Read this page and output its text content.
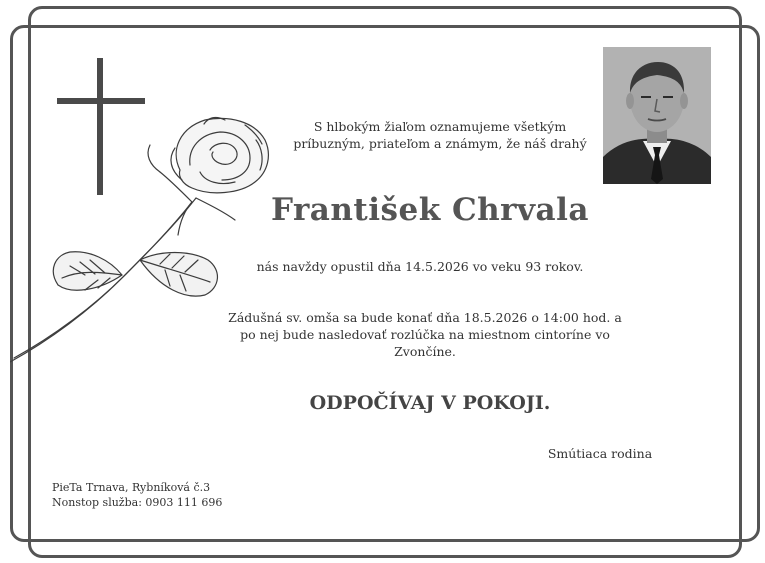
S hlbokým žiaľom oznamujeme všetkým
príbuzným, priateľom a známym, že náš drahý
František Chrvala
nás navždy opustil dňa 14.5.2026 vo veku 93 rokov.
Zádušná sv. omša sa bude konať dňa 18.5.2026 o 14:00 hod. a
po nej bude nasledovať rozlúčka na miestnom cintoríne vo
Zvončíne.
ODPOČÍVAJ V POKOJI.
Smútiaca rodina
PieTa Trnava, Rybníková č.3
Nonstop služba: 0903 111 696
